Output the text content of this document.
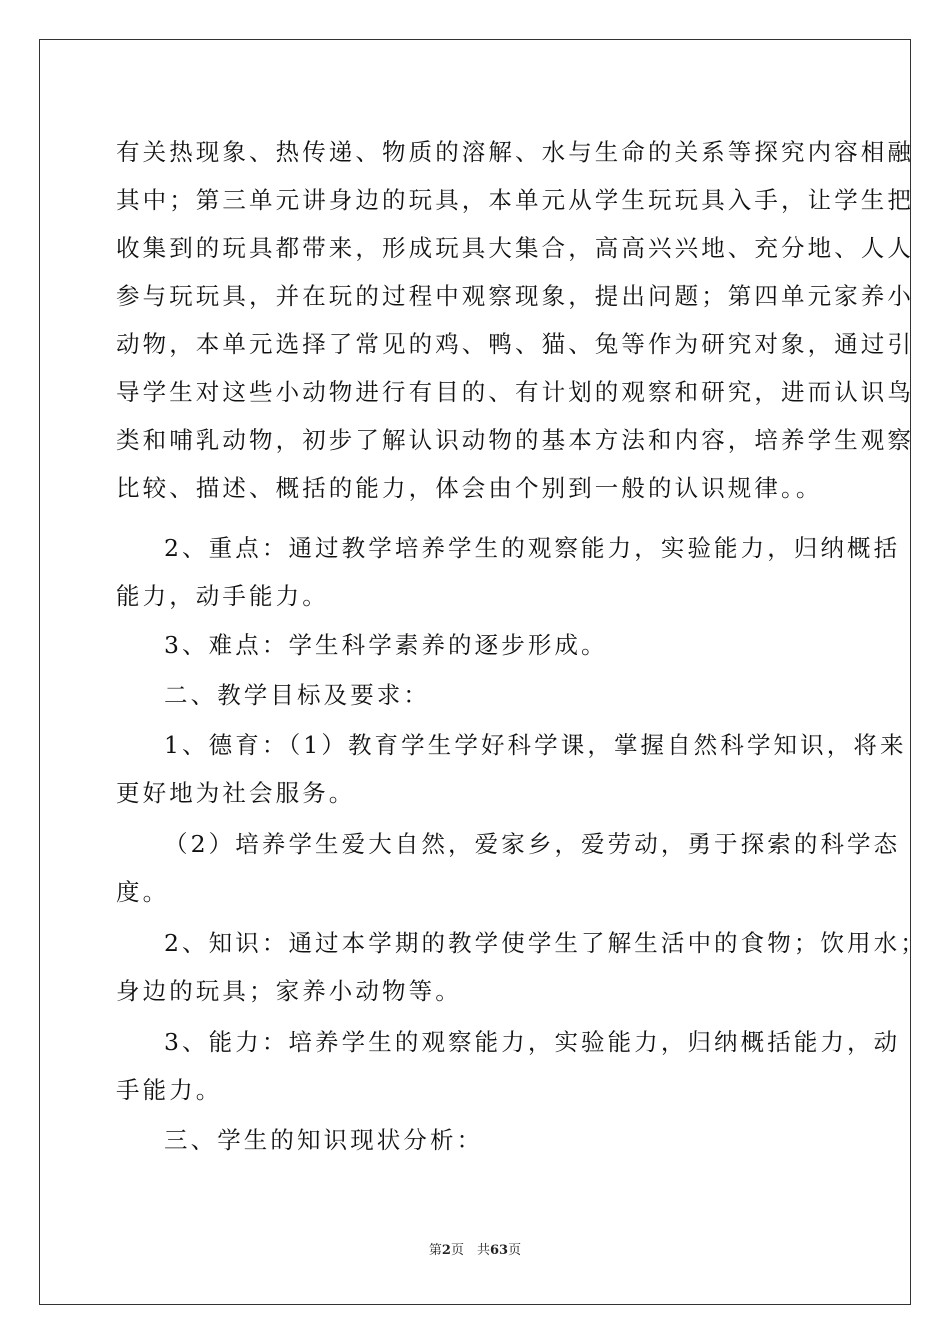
有关热现象、热传递、物质的溶解、水与生命的关系等探究内容相融
其中；第三单元讲身边的玩具，本单元从学生玩玩具入手，让学生把
收集到的玩具都带来，形成玩具大集合，高高兴兴地、充分地、人人
参与玩玩具，并在玩的过程中观察现象，提出问题；第四单元家养小
动物，本单元选择了常见的鸡、鸭、猫、兔等作为研究对象，通过引
导学生对这些小动物进行有目的、有计划的观察和研究，进而认识鸟
类和哺乳动物，初步了解认识动物的基本方法和内容，培养学生观察
比较、描述、概括的能力，体会由个别到一般的认识规律。。
2、重点：通过教学培养学生的观察能力，实验能力，归纳概括
能力，动手能力。
3、难点：学生科学素养的逐步形成。
二、教学目标及要求：
1、德育：（1）教育学生学好科学课，掌握自然科学知识，将来
更好地为社会服务。
（2）培养学生爱大自然，爱家乡，爱劳动，勇于探索的科学态
度。
2、知识：通过本学期的教学使学生了解生活中的食物；饮用水；
身边的玩具；家养小动物等。
3、能力：培养学生的观察能力，实验能力，归纳概括能力，动
手能力。
三、学生的知识现状分析：
第2页　共63页
